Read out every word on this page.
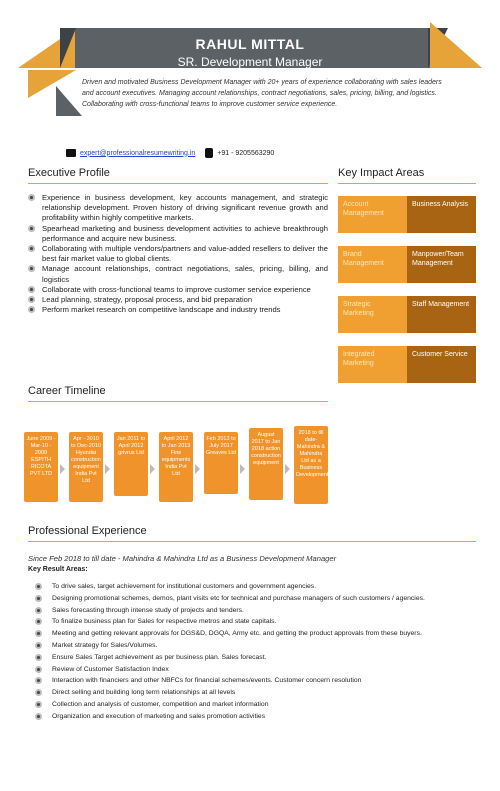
RAHUL MITTAL
SR. Development Manager
Driven and motivated Business Development Manager with 20+ years of experience collaborating with sales leaders and account executives. Managing account relationships, contract negotiations, sales, pricing, billing, and logistics. Collaborating with cross-functional teams to improve customer service experience.
expert@professionalresumewriting.in	+91 - 9205563290
Executive Profile
Experience in business development, key accounts management, and strategic relationship development. Proven history of driving significant revenue growth and profitability within highly competitive markets.
Spearhead marketing and business development activities to achieve breakthrough performance and acquire new business.
Collaborating with multiple vendors/partners and value-added resellers to deliver the best fair market value to global clients.
Manage account relationships, contract negotiations, sales, pricing, billing, and logistics
Collaborate with cross-functional teams to improve customer service experience
Lead planning, strategy, proposal process, and bid preparation
Perform market research on competitive landscape and industry trends
Key Impact Areas
Account Management
Business Analysis
Brand Management
Manpower/Team Management
Strategic Marketing
Staff Management
Integrated Marketing
Customer Service
Career Timeline
June 2009 - Mar-10 - 2009 ESPITH RICOTA PVT LTD
Apr - 2010 to Dec-2010 Hyundai construction equipment India Pvt Ltd
Jan 2011 to April 2012 grivrus Ltd
April 2012 to Jan 2013 Fine equipments India Pvt Ltd
Feb 2013 to July 2017 Greaves Ltd
August 2017 to Jan 2018 action construction equipment
2018 to till date- Mahindra & Mahindra Ltd as a Business Development
Professional Experience
Since Feb 2018 to till date - Mahindra & Mahindra Ltd as a Business Development Manager
Key Result Areas:
To drive sales, target achievement for institutional customers and government agencies.
Designing promotional schemes, demos, plant visits etc for technical and purchase managers of such customers / agencies.
Sales forecasting through intense study of projects and tenders.
To finalize business plan for Sales for respective metros and state capitals.
Meeting and getting relevant approvals for DGS&D, DGQA, Army etc. and getting the product approvals from these buyers.
Market strategy for Sales/Volumes.
Ensure Sales Target achievement as per business plan. Sales forecast.
Review of Customer Satisfaction Index
Interaction with financiers and other NBFCs for financial schemes/events. Customer concern resolution
Direct selling and building long term relationships at all levels
Collection and analysis of customer, competition and market information
Organization and execution of marketing and sales promotion activities
